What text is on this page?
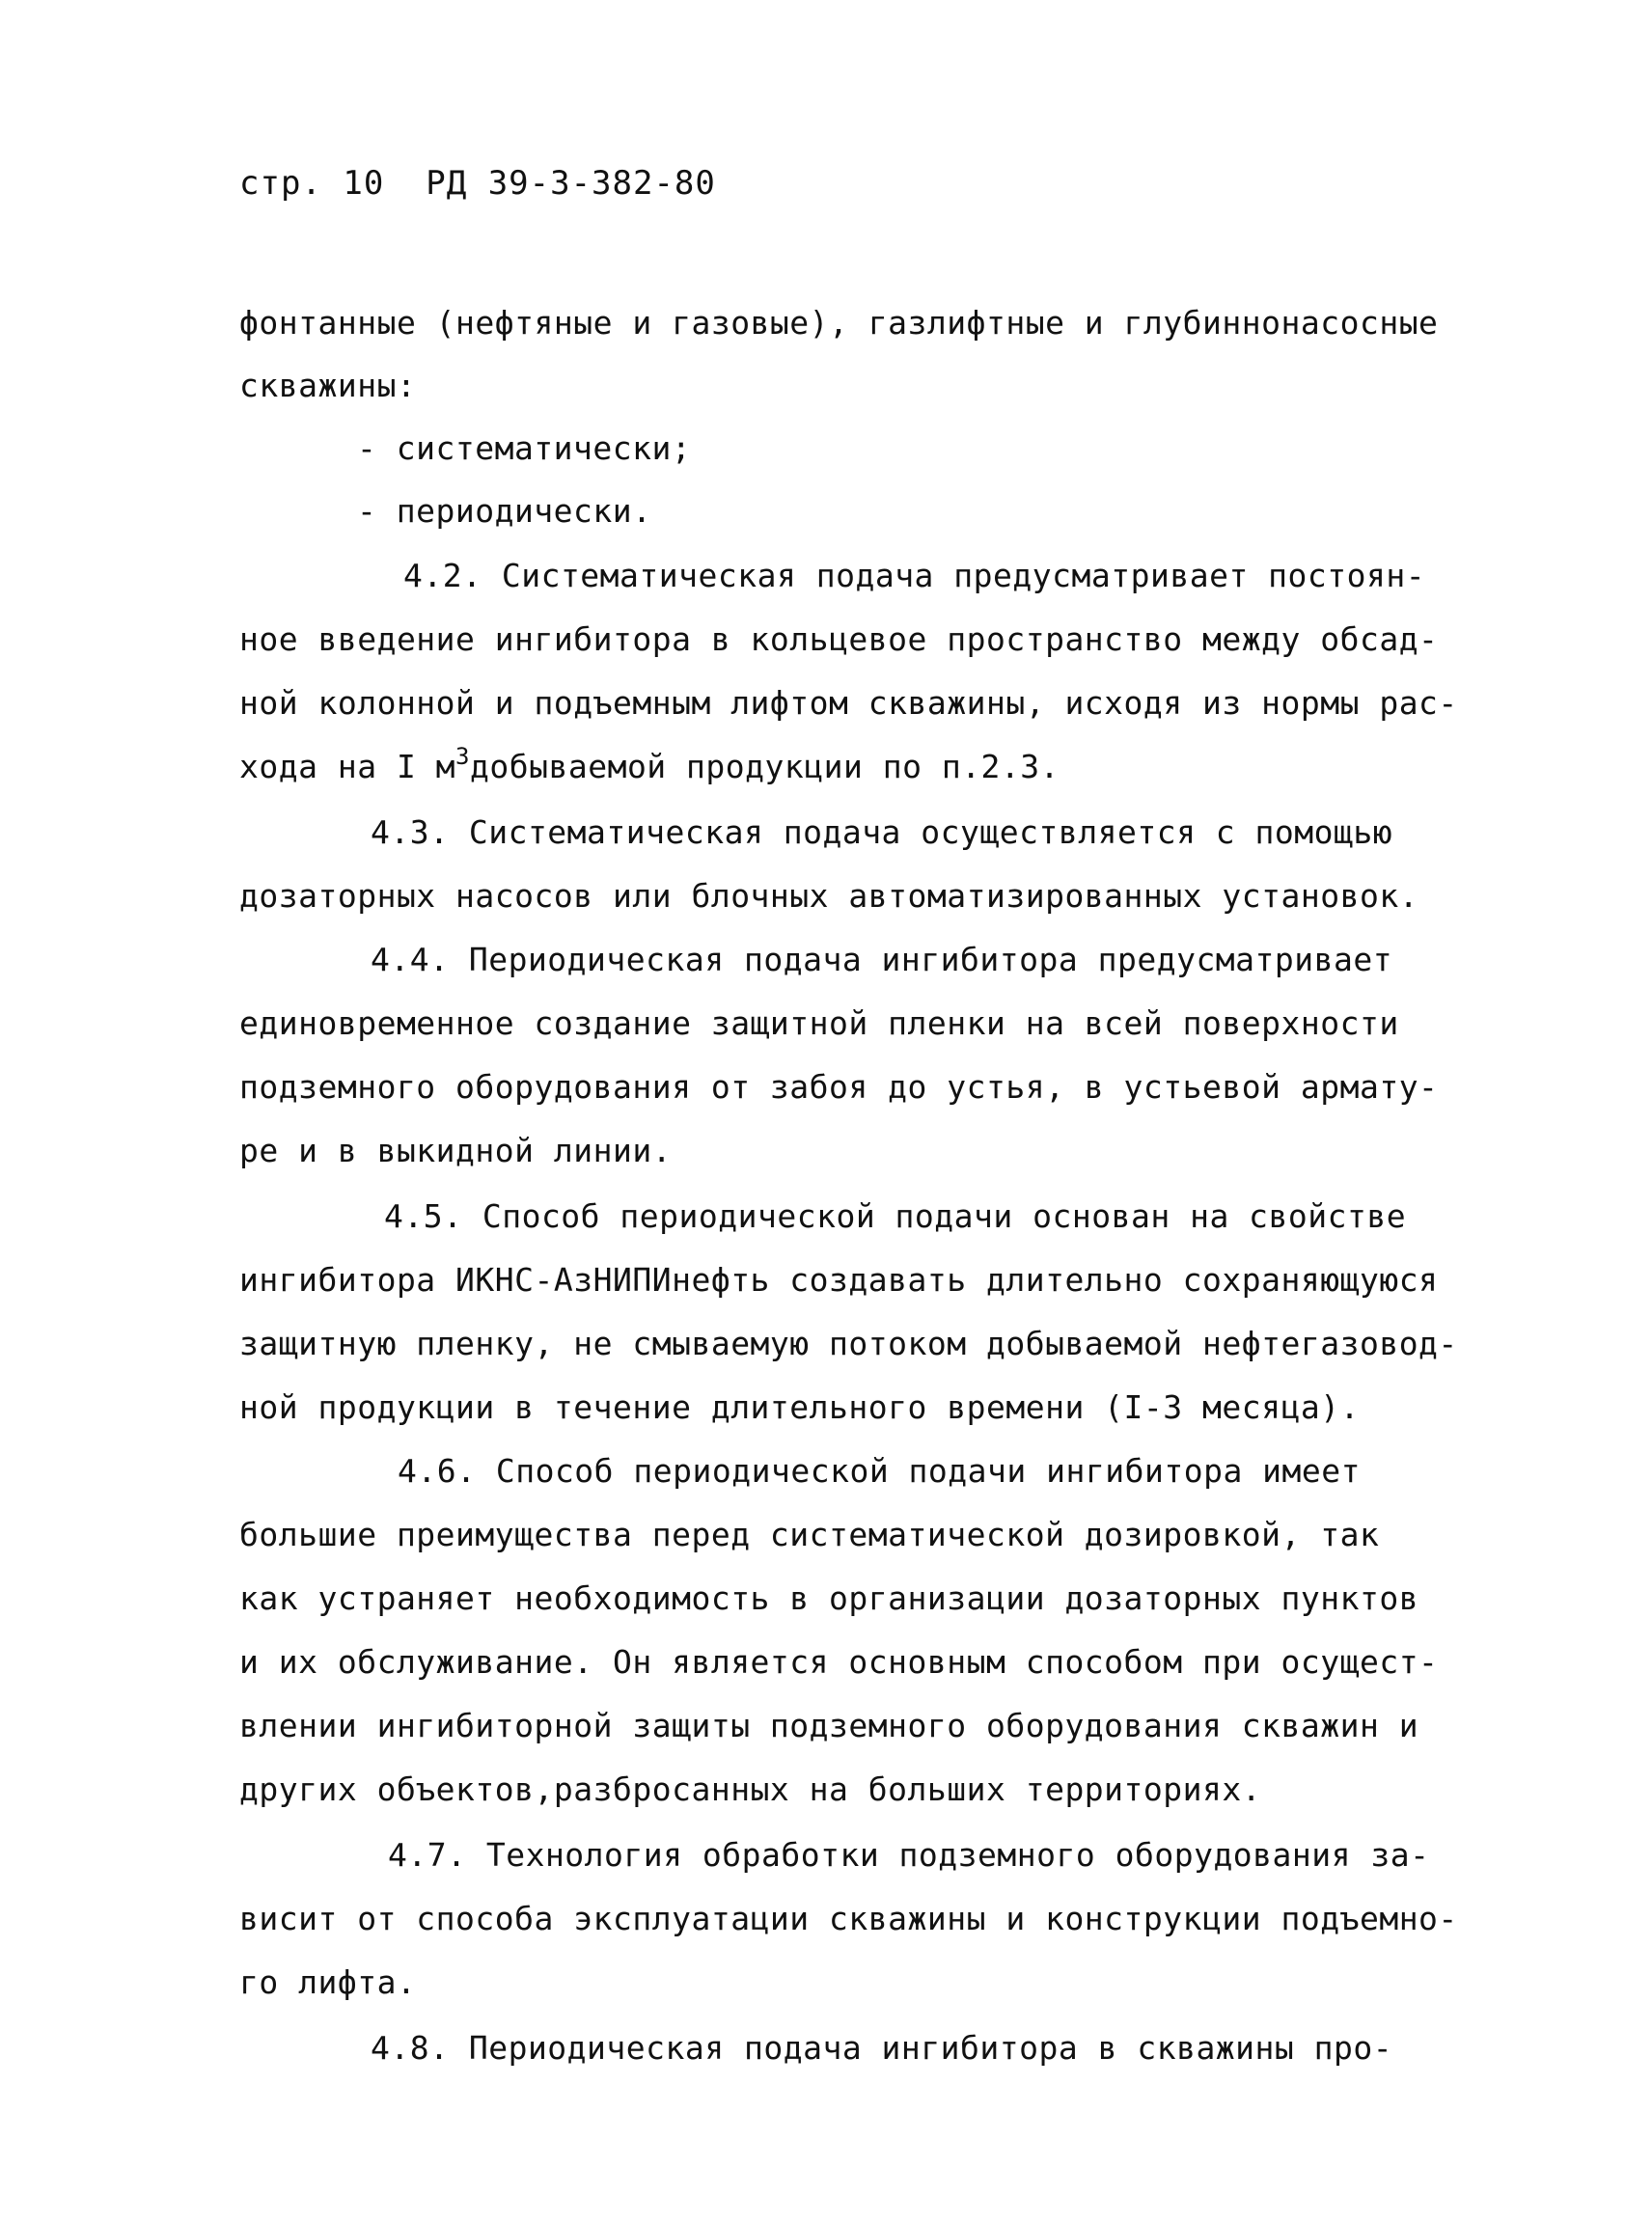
стр. 10 РД 39-3-382-80
фонтанные (нефтяные и газовые), газлифтные и глубиннонасосные
скважины:
- систематически;
- периодически.
4.2. Систематическая подача предусматривает постоян-
ное введение ингибитора в кольцевое пространство между обсад-
ной колонной и подъемным лифтом скважины, исходя из нормы рас-
хода на I $м^3добываемой$ продукции по п.2.3.
4.3. Систематическая подача осуществляется с помощью
дозаторных насосов или блочных автоматизированных установок.
4.4. Периодическая подача ингибитора предусматривает
единовременное создание защитной пленки на всей поверхности
подземного оборудования от забоя до устья, в устьевой армату-
ре и в выкидной линии.
4.5. Способ периодической подачи основан на свойстве
ингибитора ИКНС-АзНИПИнефть создавать длительно сохраняющуюся
защитную пленку, не смываемую потоком добываемой нефтегазовод-
ной продукции в течение длительного времени (I-3 месяца).
4.6. Способ периодической подачи ингибитора имеет
большие преимущества перед систематической дозировкой, так
как устраняет необходимость в организации дозаторных пунктов
и их обслуживание. Он является основным способом при осущест-
влении ингибиторной защиты подземного оборудования скважин и
других объектов,разбросанных на больших территориях.
4.7. Технология обработки подземного оборудования за-
висит от способа эксплуатации скважины и конструкции подъемно-
го лифта.
4.8. Периодическая подача ингибитора в скважины про-
